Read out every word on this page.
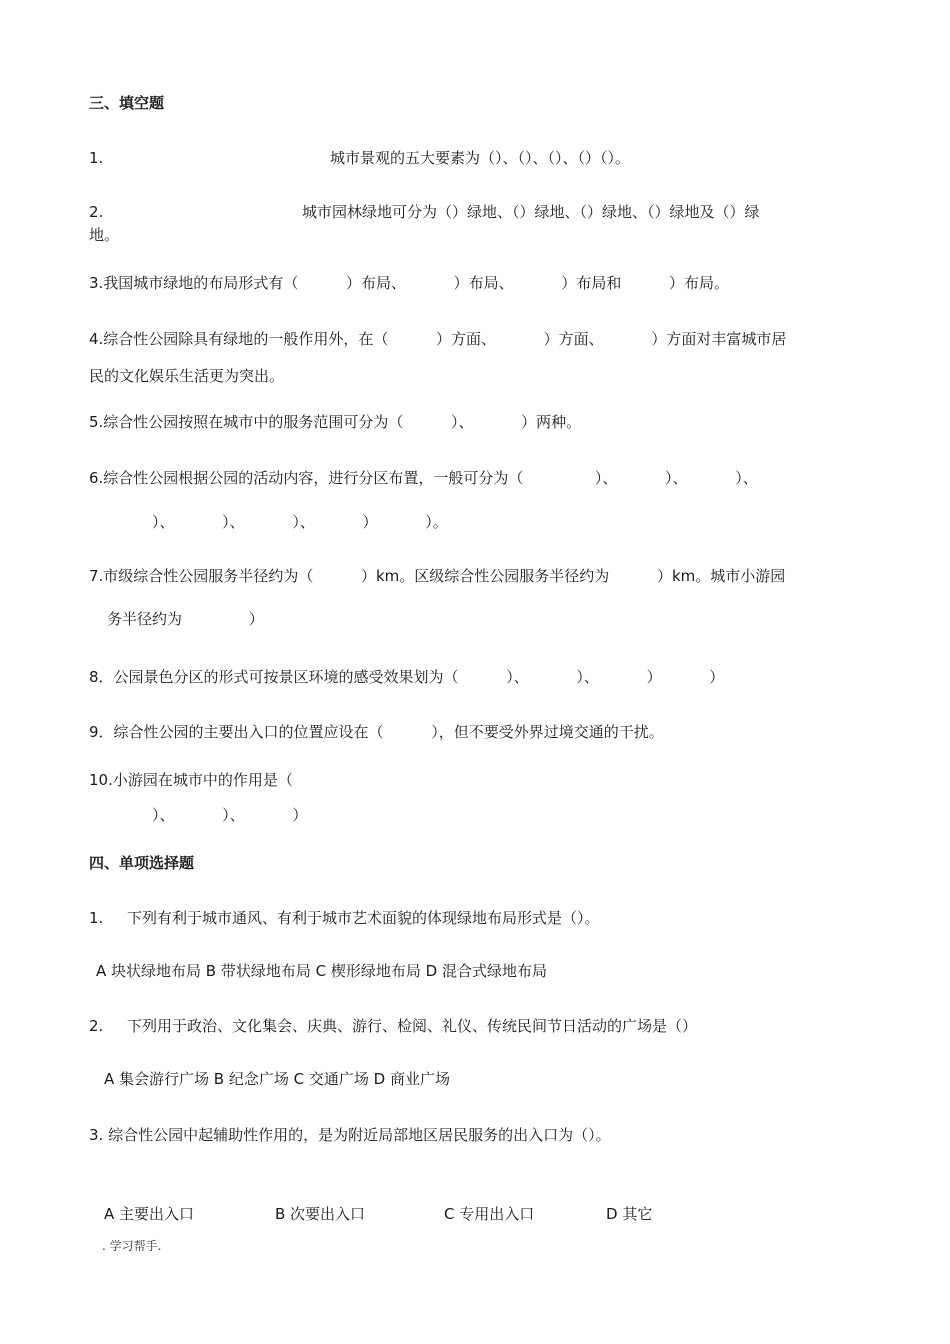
三、填空题
1.	城市景观的五大要素为（）、（）、（）、（）（）。
2.	城市园林绿地可分为（）绿地、（）绿地、（）绿地、（）绿地及（）绿
地。
3.我国城市绿地的布局形式有（          ）布局、          ）布局、          ）布局和          ）布局。
4.综合性公园除具有绿地的一般作用外，在（          ）方面、          ）方面、          ）方面对丰富城市居
民的文化娱乐生活更为突出。
5.综合性公园按照在城市中的服务范围可分为（          ）、          ）两种。
6.综合性公园根据公园的活动内容，进行分区布置，一般可分为（               ）、          ）、          ）、
）、          ）、          ）、          ）          ）。
7.市级综合性公园服务半径约为（          ）km。区级综合性公园服务半径约为          ）km。城市小游园
务半径约为              ）
8．公园景色分区的形式可按景区环境的感受效果划为（          ）、          ）、          ）          ）
9．综合性公园的主要出入口的位置应设在（          ），但不要受外界过境交通的干扰。
10.小游园在城市中的作用是（
）、          ）、          ）
四、单项选择题
1. 下列有利于城市通风、有利于城市艺术面貌的体现绿地布局形式是（）。
A 块状绿地布局 B 带状绿地布局 C 楔形绿地布局 D 混合式绿地布局
2. 下列用于政治、文化集会、庆典、游行、检阅、礼仪、传统民间节日活动的广场是（）
A 集会游行广场 B 纪念广场 C 交通广场 D 商业广场
3. 综合性公园中起辅助性作用的，是为附近局部地区居民服务的出入口为（）。
A 主要出入口	B 次要出入口	C 专用出入口	D 其它
. 学习帮手.
